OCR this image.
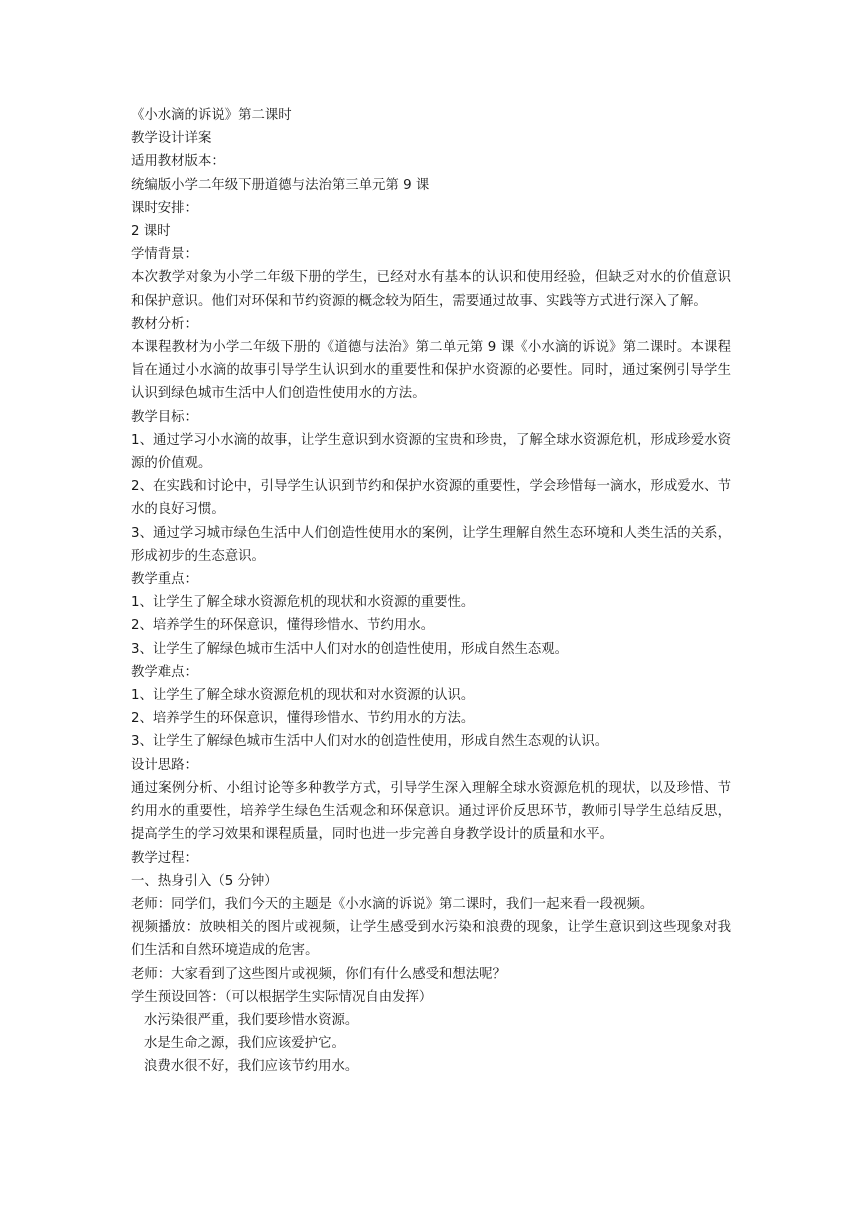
《小水滴的诉说》第二课时
教学设计详案
适用教材版本：
统编版小学二年级下册道德与法治第三单元第 9 课
课时安排：
2 课时
学情背景：
本次教学对象为小学二年级下册的学生，已经对水有基本的认识和使用经验，但缺乏对水的价值意识和保护意识。他们对环保和节约资源的概念较为陌生，需要通过故事、实践等方式进行深入了解。
教材分析：
本课程教材为小学二年级下册的《道德与法治》第二单元第 9 课《小水滴的诉说》第二课时。本课程旨在通过小水滴的故事引导学生认识到水的重要性和保护水资源的必要性。同时，通过案例引导学生认识到绿色城市生活中人们创造性使用水的方法。
教学目标：
1、通过学习小水滴的故事，让学生意识到水资源的宝贵和珍贵，了解全球水资源危机，形成珍爱水资源的价值观。
2、在实践和讨论中，引导学生认识到节约和保护水资源的重要性，学会珍惜每一滴水，形成爱水、节水的良好习惯。
3、通过学习城市绿色生活中人们创造性使用水的案例，让学生理解自然生态环境和人类生活的关系，形成初步的生态意识。
教学重点：
1、让学生了解全球水资源危机的现状和水资源的重要性。
2、培养学生的环保意识，懂得珍惜水、节约用水。
3、让学生了解绿色城市生活中人们对水的创造性使用，形成自然生态观。
教学难点：
1、让学生了解全球水资源危机的现状和对水资源的认识。
2、培养学生的环保意识，懂得珍惜水、节约用水的方法。
3、让学生了解绿色城市生活中人们对水的创造性使用，形成自然生态观的认识。
设计思路：
通过案例分析、小组讨论等多种教学方式，引导学生深入理解全球水资源危机的现状，以及珍惜、节约用水的重要性，培养学生绿色生活观念和环保意识。通过评价反思环节，教师引导学生总结反思，提高学生的学习效果和课程质量，同时也进一步完善自身教学设计的质量和水平。
教学过程：
一、热身引入（5 分钟）
老师：同学们，我们今天的主题是《小水滴的诉说》第二课时，我们一起来看一段视频。
视频播放：放映相关的图片或视频，让学生感受到水污染和浪费的现象，让学生意识到这些现象对我们生活和自然环境造成的危害。
老师：大家看到了这些图片或视频，你们有什么感受和想法呢？
学生预设回答：（可以根据学生实际情况自由发挥）
水污染很严重，我们要珍惜水资源。
水是生命之源，我们应该爱护它。
浪费水很不好，我们应该节约用水。
